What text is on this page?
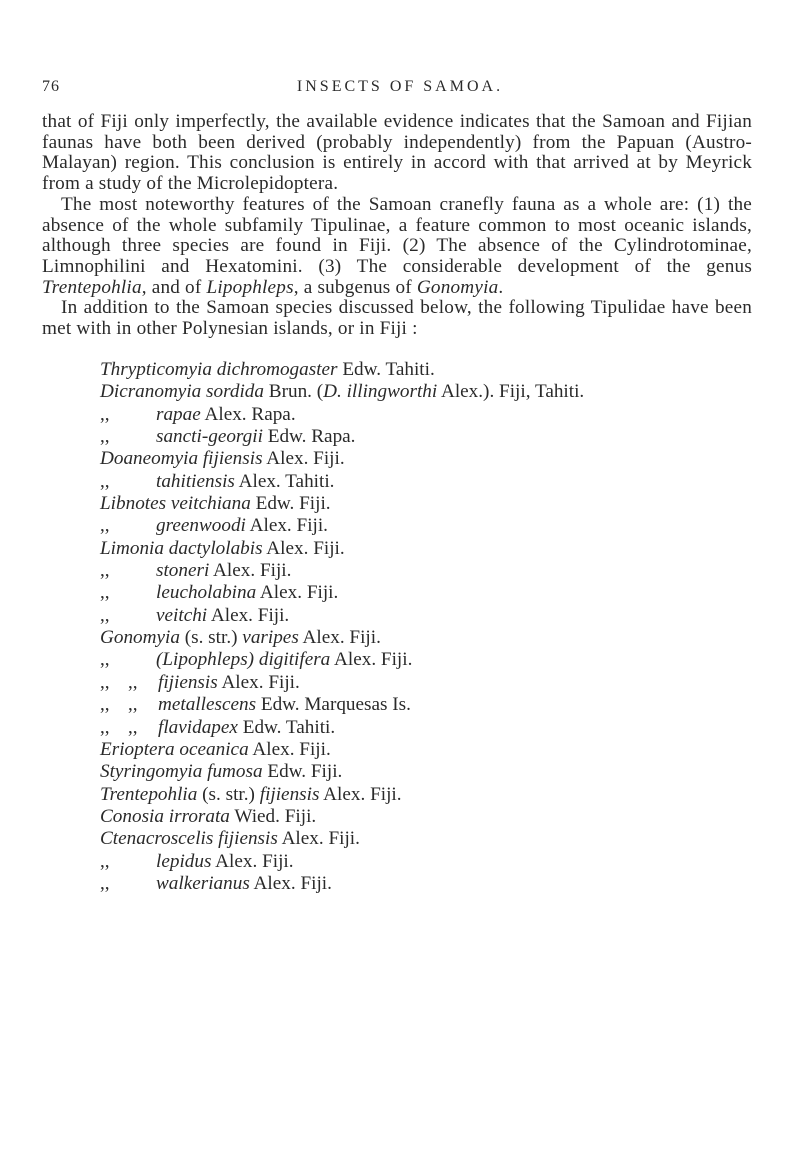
76	INSECTS OF SAMOA.

that of Fiji only imperfectly, the available evidence indicates that the Samoan and Fijian faunas have both been derived (probably independently) from the Papuan (Austro-Malayan) region. This conclusion is entirely in accord with that arrived at by Meyrick from a study of the Microlepidoptera.

The most noteworthy features of the Samoan cranefly fauna as a whole are: (1) the absence of the whole subfamily Tipulinae, a feature common to most oceanic islands, although three species are found in Fiji. (2) The absence of the Cylindrotominae, Limnophilini and Hexatomini. (3) The considerable development of the genus Trentepohlia, and of Lipophleps, a subgenus of Gonomyia.

In addition to the Samoan species discussed below, the following Tipulidae have been met with in other Polynesian islands, or in Fiji :

Thrypticomyia dichromogaster Edw. Tahiti.
Dicranomyia sordida Brun. (D. illingworthi Alex.). Fiji, Tahiti.
,, rapae Alex. Rapa.
,, sancti-georgii Edw. Rapa.
Doaneomyia fijiensis Alex. Fiji.
,, tahitiensis Alex. Tahiti.
Libnotes veitchiana Edw. Fiji.
,, greenwoodi Alex. Fiji.
Limonia dactylolabis Alex. Fiji.
,, stoneri Alex. Fiji.
,, leucholabina Alex. Fiji.
,, veitchi Alex. Fiji.
Gonomyia (s. str.) varipes Alex. Fiji.
,, (Lipophleps) digitifera Alex. Fiji.
,, ,, fijiensis Alex. Fiji.
,, ,, metallescens Edw. Marquesas Is.
,, ,, flavidapex Edw. Tahiti.
Erioptera oceanica Alex. Fiji.
Styringomyia fumosa Edw. Fiji.
Trentepohlia (s. str.) fijiensis Alex. Fiji.
Conosia irrorata Wied. Fiji.
Ctenacroscelis fijiensis Alex. Fiji.
,, lepidus Alex. Fiji.
,, walkerianus Alex. Fiji.
